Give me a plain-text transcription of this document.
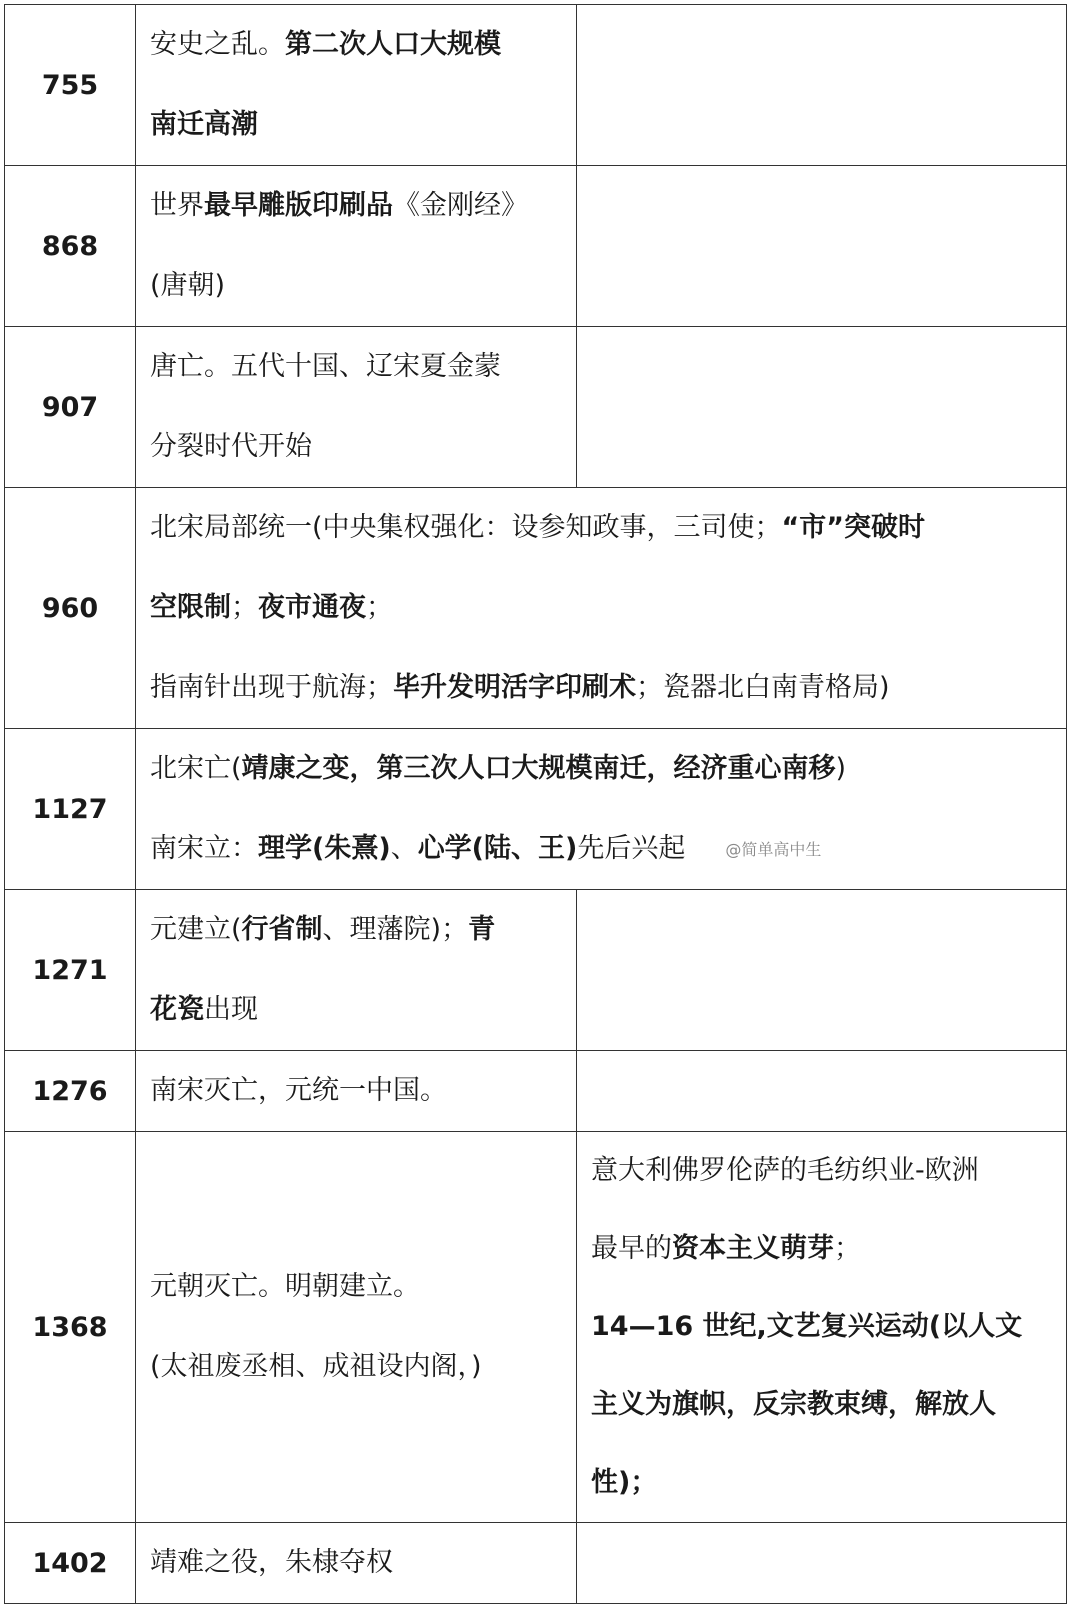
755	安史之乱。第二次人口大规模
南迁高潮	

868	世界最早雕版印刷品《金刚经》
(唐朝)	

907	唐亡。五代十国、辽宋夏金蒙
分裂时代开始	

960	北宋局部统一(中央集权强化：设参知政事，三司使；“市”突破时
空限制；夜市通夜；
指南针出现于航海；毕升发明活字印刷术；瓷器北白南青格局)	

1127	北宋亡(靖康之变，第三次人口大规模南迁，经济重心南移)
南宋立：理学(朱熹)、心学(陆、王)先后兴起 @简单高中生	

1271	元建立(行省制、理藩院)；青
花瓷出现	

1276	南宋灭亡，元统一中国。	

1368	元朝灭亡。明朝建立。
(太祖废丞相、成祖设内阁，)	意大利佛罗伦萨的毛纺织业-欧洲
最早的资本主义萌芽；
14—16 世纪,文艺复兴运动(以人文
主义为旗帜，反宗教束缚，解放人
性)；

1402	靖难之役，朱棣夺权	
